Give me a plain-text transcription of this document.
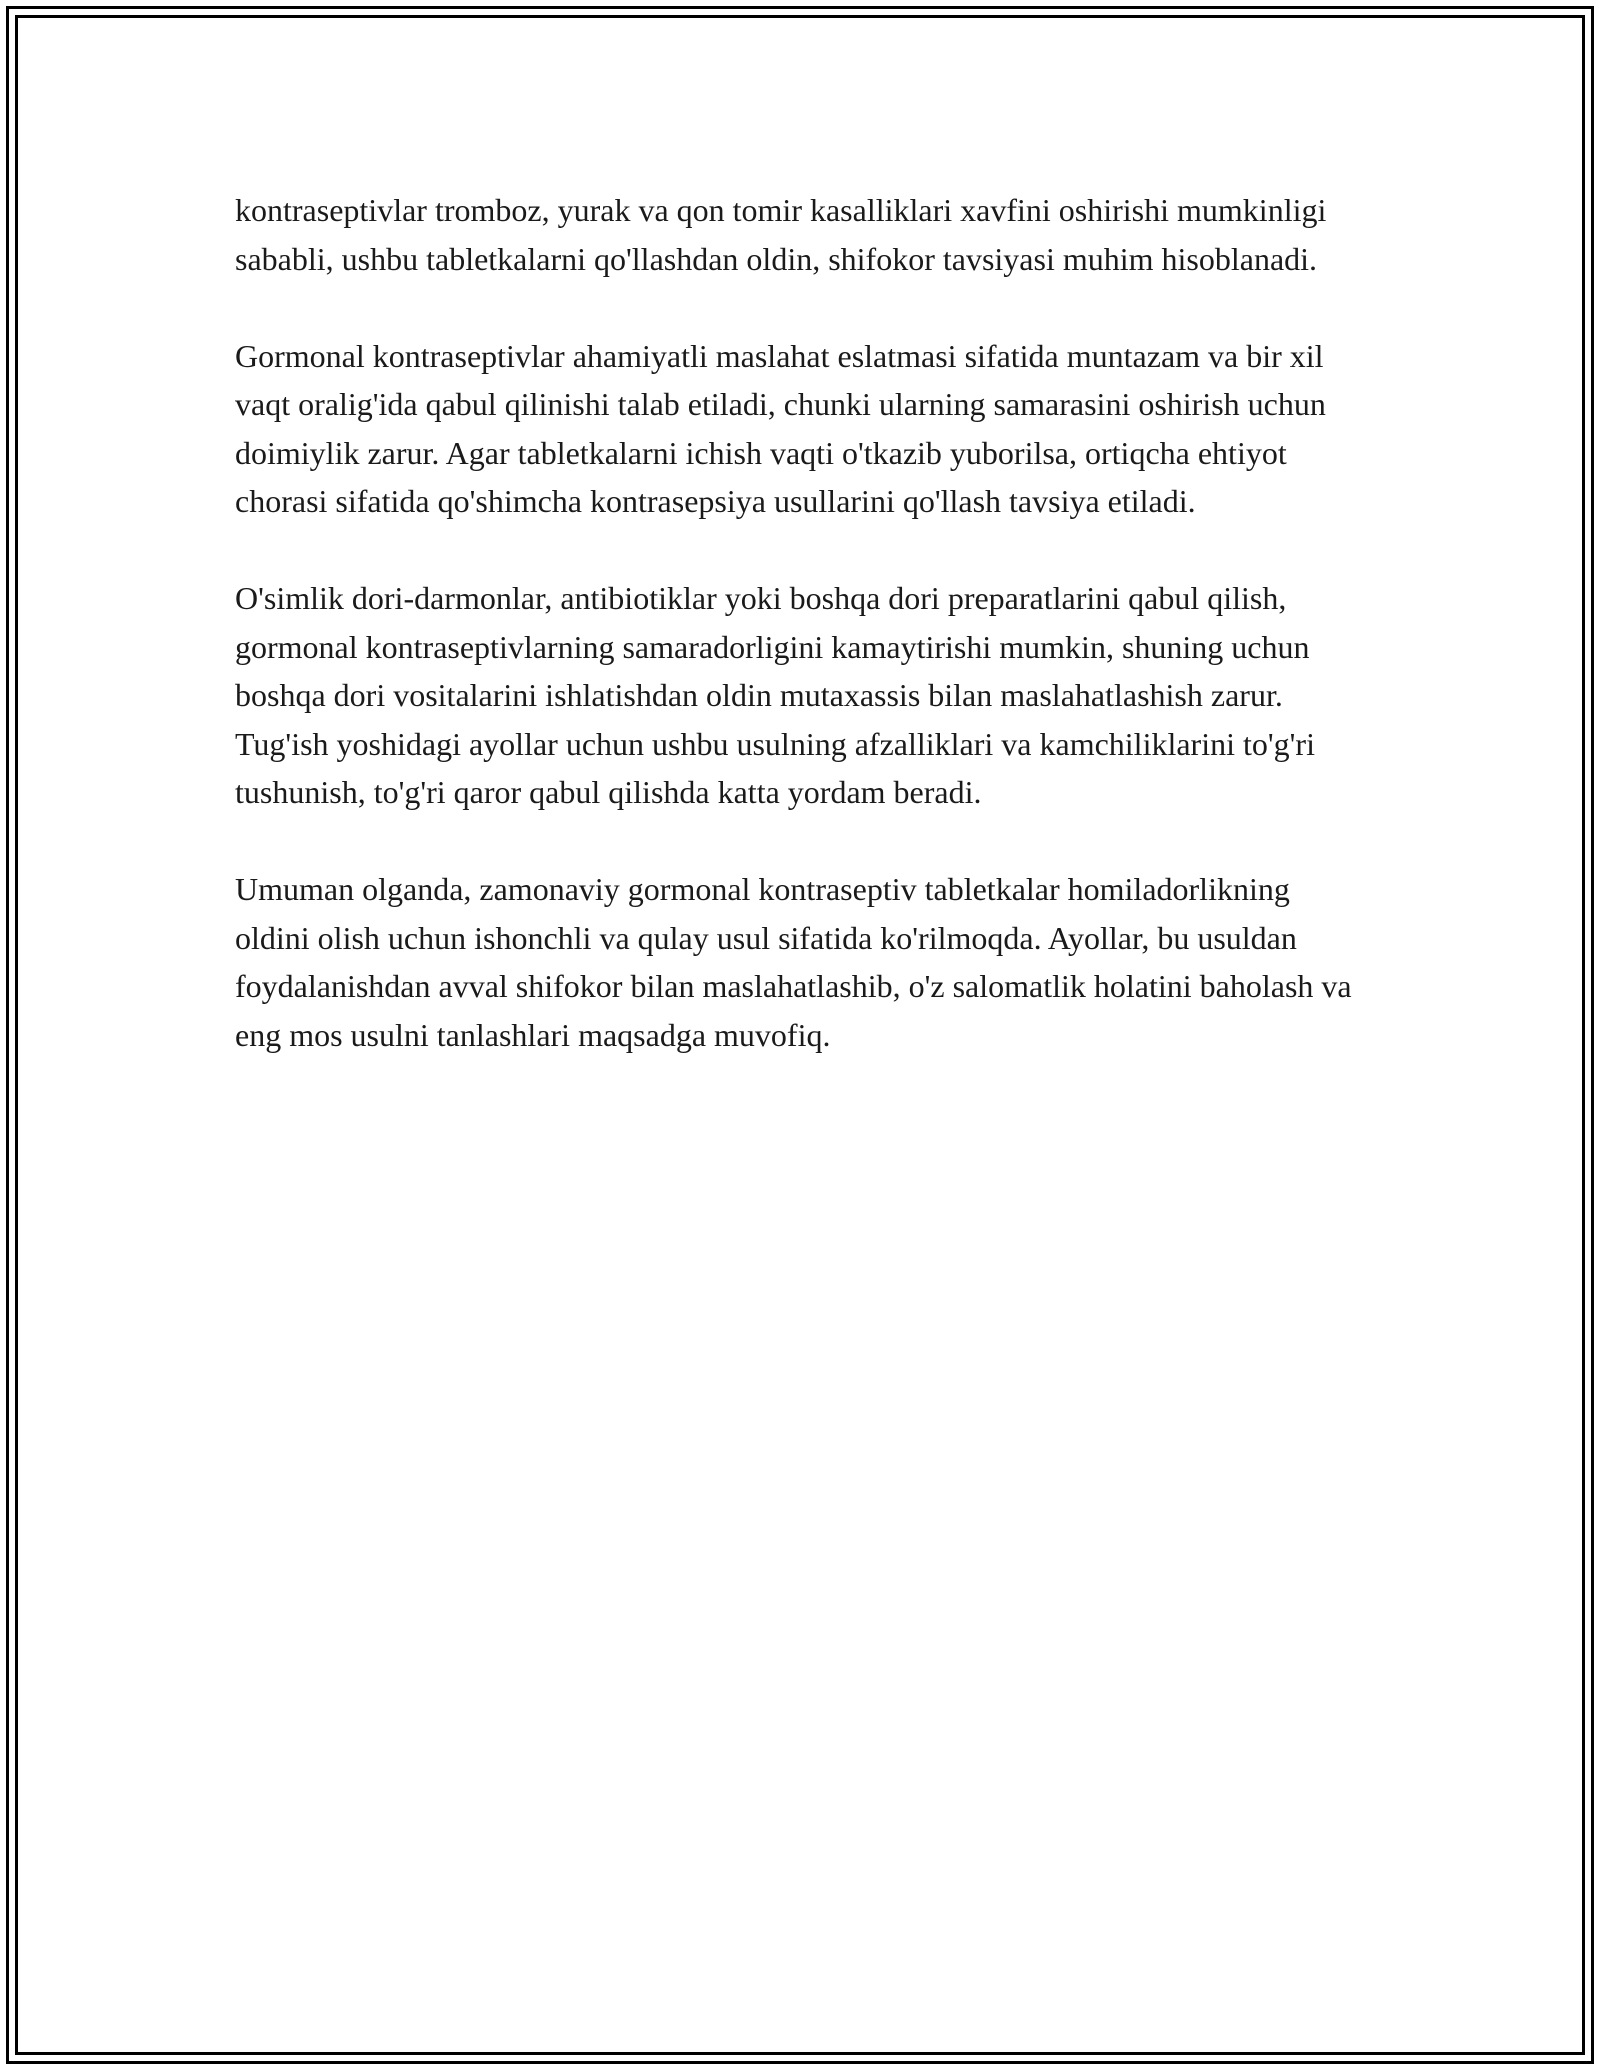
kontraseptivlar tromboz, yurak va qon tomir kasalliklari xavfini oshirishi mumkinligi sababli, ushbu tabletkalarni qo'llashdan oldin, shifokor tavsiyasi muhim hisoblanadi.

Gormonal kontraseptivlar ahamiyatli maslahat eslatmasi sifatida muntazam va bir xil vaqt oralig'ida qabul qilinishi talab etiladi, chunki ularning samarasini oshirish uchun doimiylik zarur. Agar tabletkalarni ichish vaqti o'tkazib yuborilsa, ortiqcha ehtiyot chorasi sifatida qo'shimcha kontrasepsiya usullarini qo'llash tavsiya etiladi.

O'simlik dori-darmonlar, antibiotiklar yoki boshqa dori preparatlarini qabul qilish, gormonal kontraseptivlarning samaradorligini kamaytirishi mumkin, shuning uchun boshqa dori vositalarini ishlatishdan oldin mutaxassis bilan maslahatlashish zarur. Tug'ish yoshidagi ayollar uchun ushbu usulning afzalliklari va kamchiliklarini to'g'ri tushunish, to'g'ri qaror qabul qilishda katta yordam beradi.

Umuman olganda, zamonaviy gormonal kontraseptiv tabletkalar homiladorlikning oldini olish uchun ishonchli va qulay usul sifatida ko'rilmoqda. Ayollar, bu usuldan foydalanishdan avval shifokor bilan maslahatlashib, o'z salomatlik holatini baholash va eng mos usulni tanlashlari maqsadga muvofiq.
